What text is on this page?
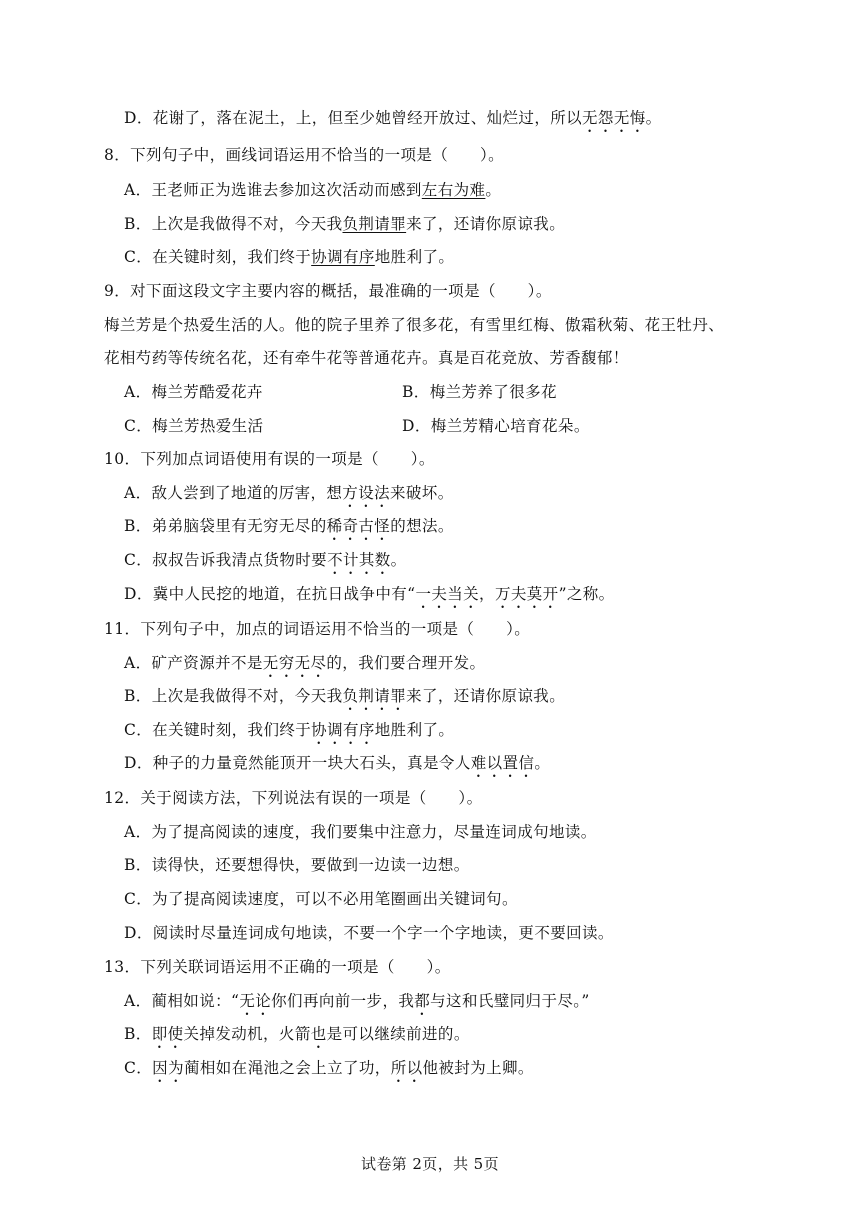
D．花谢了，落在泥土，上，但至少她曾经开放过、灿烂过，所以无怨无悔。
8．下列句子中，画线词语运用不恰当的一项是（　　）。
A．王老师正为选谁去参加这次活动而感到左右为难。
B．上次是我做得不对，今天我负荆请罪来了，还请你原谅我。
C．在关键时刻，我们终于协调有序地胜利了。
9．对下面这段文字主要内容的概括，最准确的一项是（　　）。
梅兰芳是个热爱生活的人。他的院子里养了很多花，有雪里红梅、傲霜秋菊、花王牡丹、
花相芍药等传统名花，还有牵牛花等普通花卉。真是百花竞放、芳香馥郁！
A．梅兰芳酷爱花卉	B．梅兰芳养了很多花
C．梅兰芳热爱生活	D．梅兰芳精心培育花朵。
10．下列加点词语使用有误的一项是（　　）。
A．敌人尝到了地道的厉害，想方设法来破坏。
B．弟弟脑袋里有无穷无尽的稀奇古怪的想法。
C．叔叔告诉我清点货物时要不计其数。
D．冀中人民挖的地道，在抗日战争中有“一夫当关，万夫莫开”之称。
11．下列句子中，加点的词语运用不恰当的一项是（　　）。
A．矿产资源并不是无穷无尽的，我们要合理开发。
B．上次是我做得不对，今天我负荆请罪来了，还请你原谅我。
C．在关键时刻，我们终于协调有序地胜利了。
D．种子的力量竟然能顶开一块大石头，真是令人难以置信。
12．关于阅读方法，下列说法有误的一项是（　　）。
A．为了提高阅读的速度，我们要集中注意力，尽量连词成句地读。
B．读得快，还要想得快，要做到一边读一边想。
C．为了提高阅读速度，可以不必用笔圈画出关键词句。
D．阅读时尽量连词成句地读，不要一个字一个字地读，更不要回读。
13．下列关联词语运用不正确的一项是（　　）。
A．蔺相如说：“无论你们再向前一步，我都与这和氏璧同归于尽。”
B．即使关掉发动机，火箭也是可以继续前进的。
C．因为蔺相如在渑池之会上立了功，所以他被封为上卿。
试卷第 2页，共 5页
